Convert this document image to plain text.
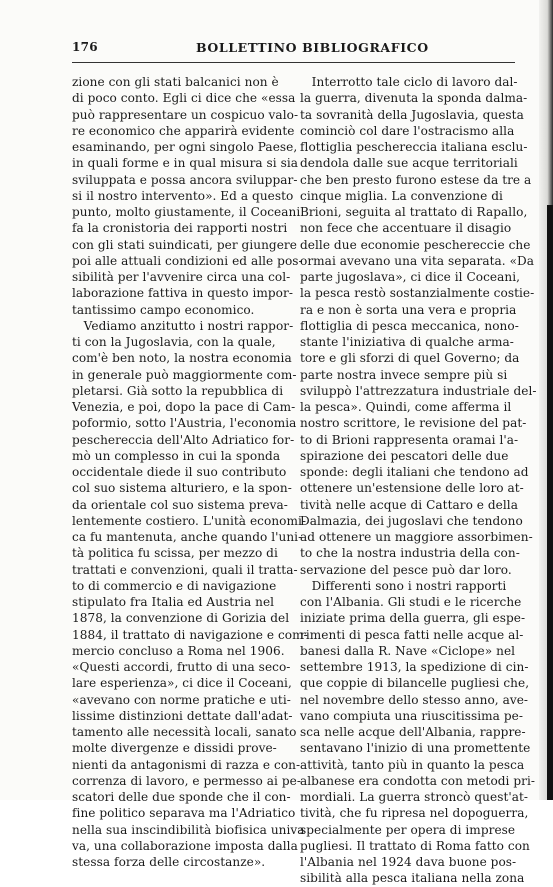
176	BOLLETTINO BIBLIOGRAFICO
zione con gli stati balcanici non è
di poco conto. Egli ci dice che «essa
può rappresentare un cospicuo valo-
re economico che apparirà evidente
esaminando, per ogni singolo Paese,
in quali forme e in qual misura si sia
sviluppata e possa ancora sviluppar-
si il nostro intervento». Ed a questo
punto, molto giustamente, il Coceani
fa la cronistoria dei rapporti nostri
con gli stati suindicati, per giungere
poi alle attuali condizioni ed alle pos-
sibilità per l'avvenire circa una col-
laborazione fattiva in questo impor-
tantissimo campo economico.
Vediamo anzitutto i nostri rappor-
ti con la Jugoslavia, con la quale,
com'è ben noto, la nostra economia
in generale può maggiormente com-
pletarsi. Già sotto la repubblica di
Venezia, e poi, dopo la pace di Cam-
poformio, sotto l'Austria, l'economia
peschereccia dell'Alto Adriatico for-
mò un complesso in cui la sponda
occidentale diede il suo contributo
col suo sistema alturiero, e la spon-
da orientale col suo sistema preva-
lentemente costiero. L'unità economi-
ca fu mantenuta, anche quando l'uni-
tà politica fu scissa, per mezzo di
trattati e convenzioni, quali il tratta-
to di commercio e di navigazione
stipulato fra Italia ed Austria nel
1878, la convenzione di Gorizia del
1884, il trattato di navigazione e com-
mercio concluso a Roma nel 1906.
«Questi accordi, frutto di una seco-
lare esperienza», ci dice il Coceani,
«avevano con norme pratiche e uti-
lissime distinzioni dettate dall'adat-
tamento alle necessità locali, sanato
molte divergenze e dissidi prove-
nienti da antagonismi di razza e con-
correnza di lavoro, e permesso ai pe-
scatori delle due sponde che il con-
fine politico separava ma l'Adriatico
nella sua inscindibilità biofisica univa
va, una collaborazione imposta dalla
stessa forza delle circostanze».
Interrotto tale ciclo di lavoro dal-
la guerra, divenuta la sponda dalma-
ta sovranità della Jugoslavia, questa
cominciò col dare l'ostracismo alla
flottiglia peschereccia italiana esclu-
dendola dalle sue acque territoriali
che ben presto furono estese da tre a
cinque miglia. La convenzione di
Brioni, seguita al trattato di Rapallo,
non fece che accentuare il disagio
delle due economie peschereccie che
ormai avevano una vita separata. «Da
parte jugoslava», ci dice il Coceani,
la pesca restò sostanzialmente costie-
ra e non è sorta una vera e propria
flottiglia di pesca meccanica, nono-
stante l'iniziativa di qualche arma-
tore e gli sforzi di quel Governo; da
parte nostra invece sempre più si
sviluppò l'attrezzatura industriale del-
la pesca». Quindi, come afferma il
nostro scrittore, le revisione del pat-
to di Brioni rappresenta oramai l'a-
spirazione dei pescatori delle due
sponde: degli italiani che tendono ad
ottenere un'estensione delle loro at-
tività nelle acque di Cattaro e della
Dalmazia, dei jugoslavi che tendono
ad ottenere un maggiore assorbimen-
to che la nostra industria della con-
servazione del pesce può dar loro.
Differenti sono i nostri rapporti
con l'Albania. Gli studi e le ricerche
iniziate prima della guerra, gli espe-
rimenti di pesca fatti nelle acque al-
banesi dalla R. Nave «Ciclope» nel
settembre 1913, la spedizione di cin-
que coppie di bilancelle pugliesi che,
nel novembre dello stesso anno, ave-
vano compiuta una riuscitissima pe-
sca nelle acque dell'Albania, rappre-
sentavano l'inizio di una promettente
attività, tanto più in quanto la pesca
albanese era condotta con metodi pri-
mordiali. La guerra stroncò quest'at-
tività, che fu ripresa nel dopoguerra,
specialmente per opera di imprese
pugliesi. Il trattato di Roma fatto con
l'Albania nel 1924 dava buone pos-
sibilità alla pesca italiana nella zona
